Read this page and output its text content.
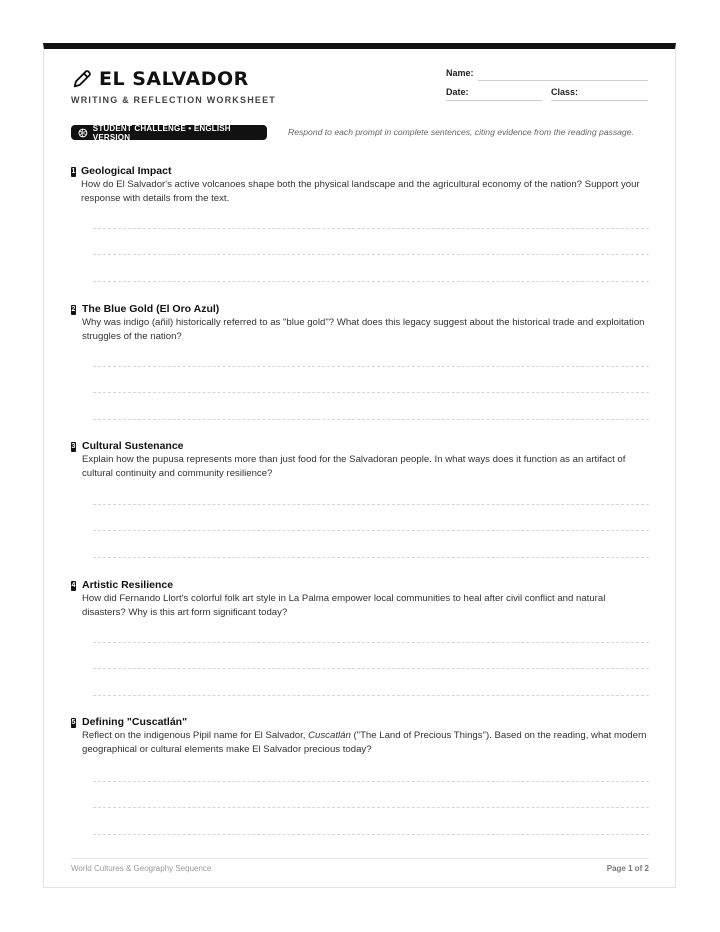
EL SALVADOR
WRITING & REFLECTION WORKSHEET
Name:
Date:	Class:
STUDENT CHALLENGE • ENGLISH VERSION	Respond to each prompt in complete sentences, citing evidence from the reading passage.
1 Geological Impact
How do El Salvador's active volcanoes shape both the physical landscape and the agricultural economy of the nation? Support your response with details from the text.
2 The Blue Gold (El Oro Azul)
Why was indigo (añil) historically referred to as "blue gold"? What does this legacy suggest about the historical trade and exploitation struggles of the nation?
3 Cultural Sustenance
Explain how the pupusa represents more than just food for the Salvadoran people. In what ways does it function as an artifact of cultural continuity and community resilience?
4 Artistic Resilience
How did Fernando Llort's colorful folk art style in La Palma empower local communities to heal after civil conflict and natural disasters? Why is this art form significant today?
5 Defining "Cuscatlán"
Reflect on the indigenous Pipil name for El Salvador, Cuscatlán ("The Land of Precious Things"). Based on the reading, what modern geographical or cultural elements make El Salvador precious today?
World Cultures & Geography Sequence	Page 1 of 2
